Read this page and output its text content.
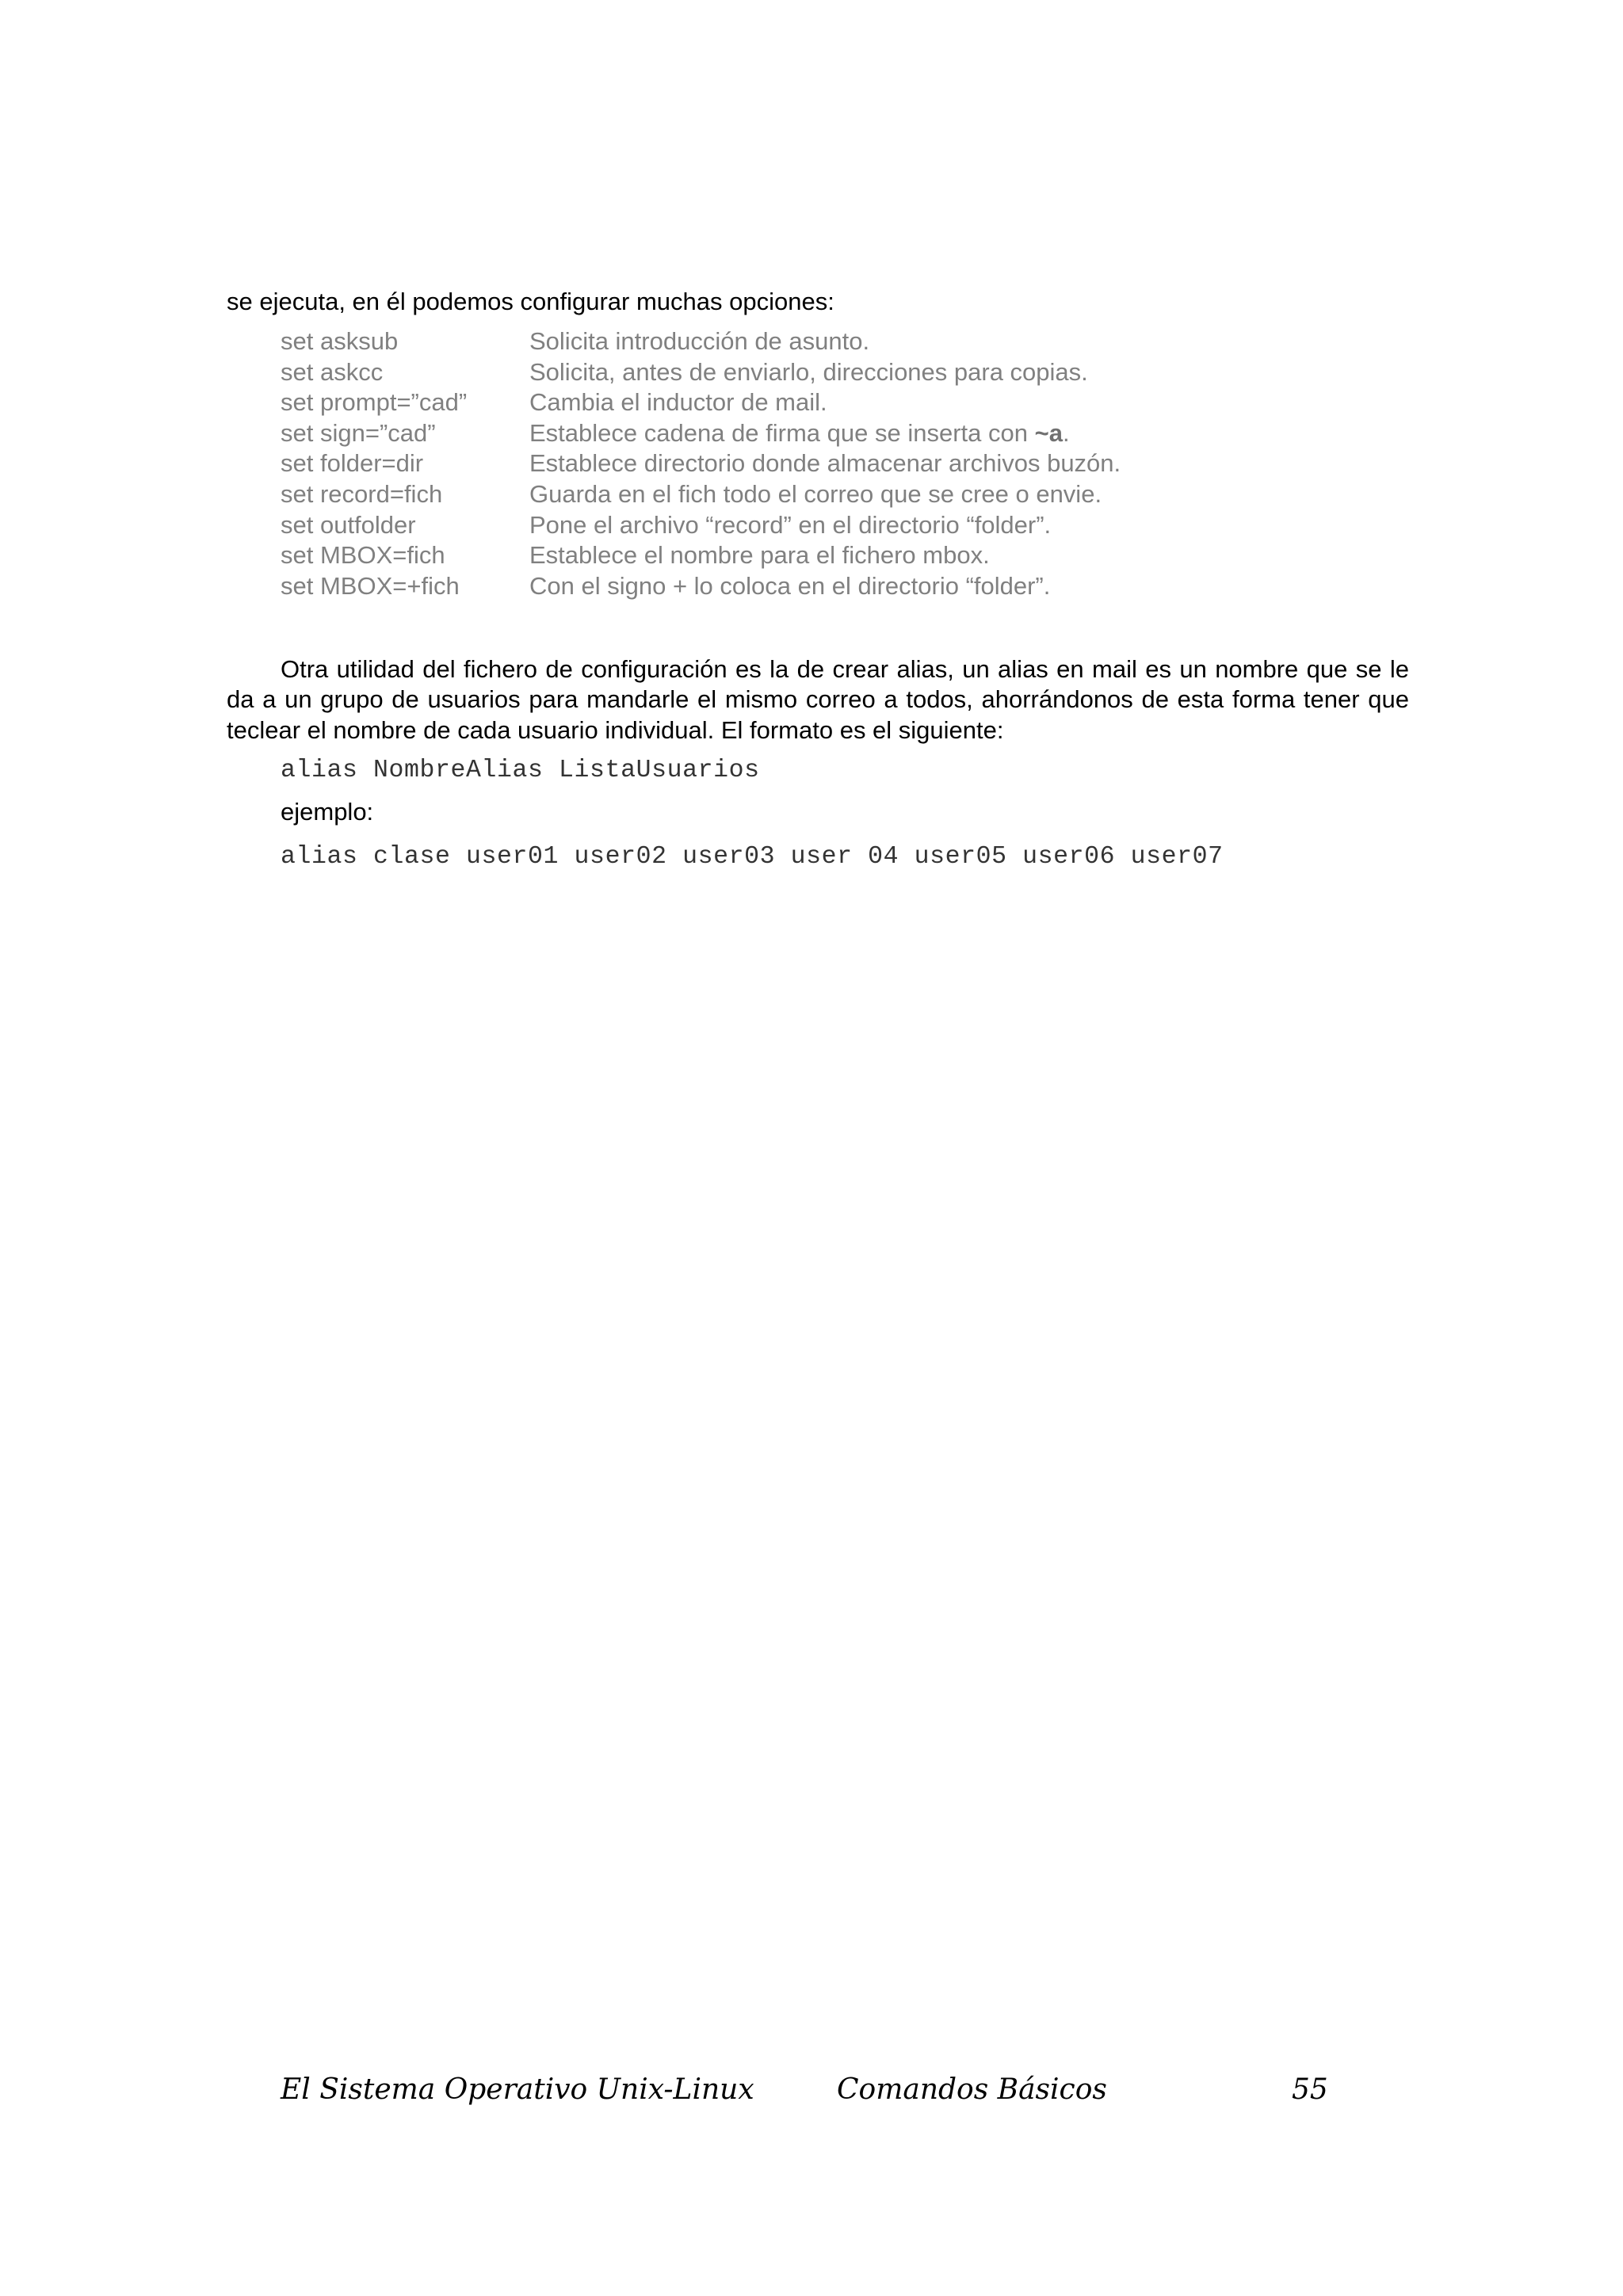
se ejecuta, en él podemos configurar muchas opciones:
set asksub	Solicita introducción de asunto.
set askcc	Solicita, antes de enviarlo, direcciones para copias.
set prompt=”cad”	Cambia el inductor de mail.
set sign=”cad”	Establece cadena de firma que se inserta con ~a.
set folder=dir	Establece directorio donde almacenar archivos buzón.
set record=fich	Guarda en el fich todo el correo que se cree o envie.
set outfolder	Pone el archivo “record” en el directorio “folder”.
set MBOX=fich	Establece el nombre para el fichero mbox.
set MBOX=+fich	Con el signo + lo coloca en el directorio “folder”.

Otra utilidad del fichero de configuración es la de crear alias, un alias en mail es un nombre que se le da a un grupo de usuarios para mandarle el mismo correo a todos, ahorrándonos de esta forma tener que teclear el nombre de cada usuario individual. El formato es el siguiente:

alias NombreAlias ListaUsuarios
ejemplo:
alias clase user01 user02 user03 user 04 user05 user06 user07
El Sistema Operativo Unix-Linux	Comandos Básicos	55
